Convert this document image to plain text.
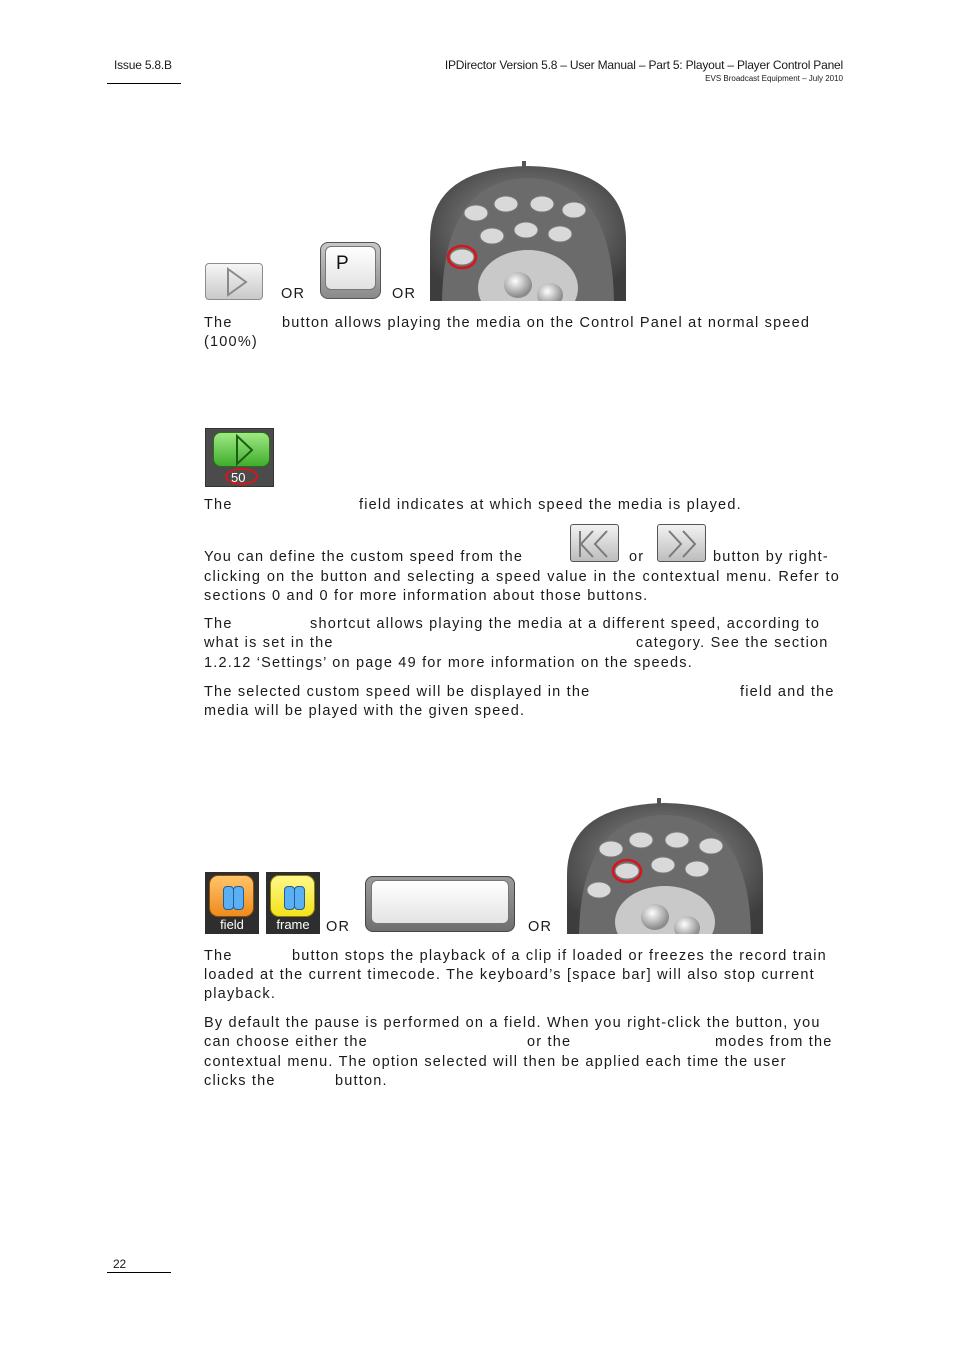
Issue 5.8.B	IPDirector Version 5.8 – User Manual – Part 5: Playout – Player Control Panel
EVS Broadcast Equipment – July 2010
OR
P
OR
The	button allows playing the media on the Control Panel at normal speed
(100%)
50
The	field indicates at which speed the media is played.
You can define the custom speed from the	or	button by right-
clicking on the button and selecting a speed value in the contextual menu. Refer to sections 0 and 0 for more information about those buttons.
The	shortcut allows playing the media at a different speed, according to
what is set in the	category. See the section
1.2.12 ‘Settings’ on page 49 for more information on the speeds.
The selected custom speed will be displayed in the	field and the
media will be played with the given speed.
field	frame	OR	OR
The	button stops the playback of a clip if loaded or freezes the record train
loaded at the current timecode. The keyboard’s [space bar] will also stop current
playback.
By default the pause is performed on a field. When you right-click the button, you
can choose either the	or the	modes from the
contextual menu. The option selected will then be applied each time the user
clicks the	button.
22
